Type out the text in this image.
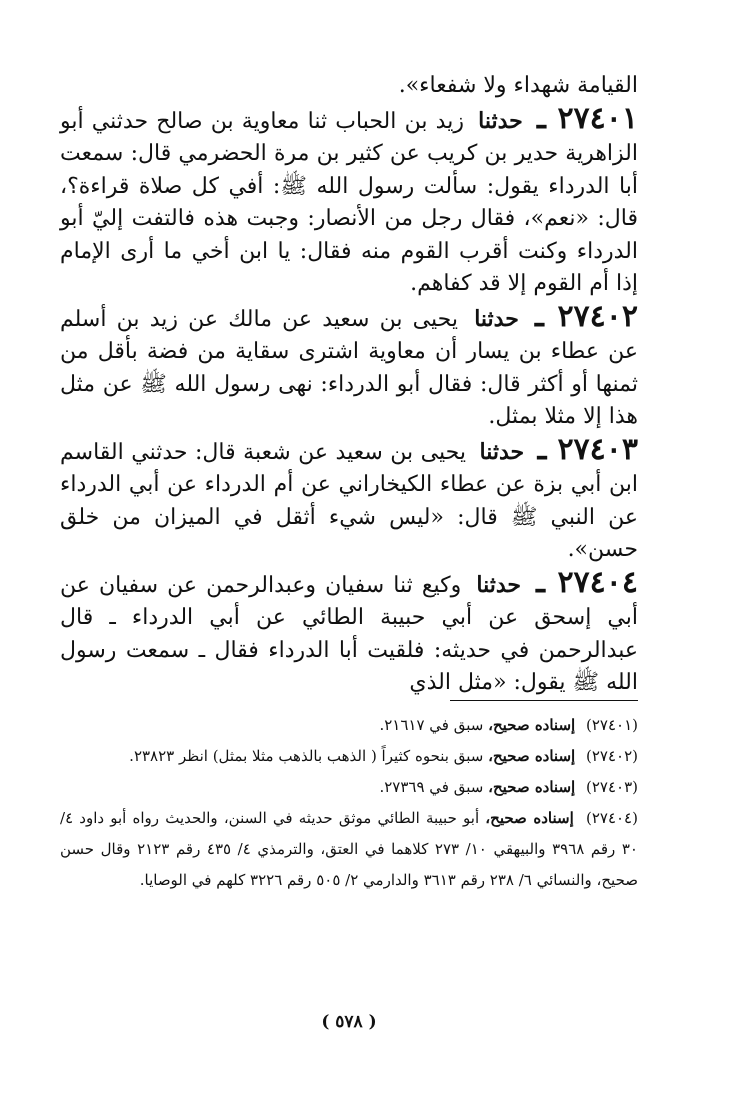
القيامة شهداء ولا شفعاء».

٢٧٤٠١ ـ حدثنا زيد بن الحباب ثنا معاوية بن صالح حدثني أبو الزاهرية حدير بن كريب عن كثير بن مرة الحضرمي قال: سمعت أبا الدرداء يقول: سألت رسول الله ﷺ: أفي كل صلاة قراءة؟، قال: «نعم»، فقال رجل من الأنصار: وجبت هذه فالتفت إليّ أبو الدرداء وكنت أقرب القوم منه فقال: يا ابن أخي ما أرى الإمام إذا أم القوم إلا قد كفاهم.

٢٧٤٠٢ ـ حدثنا يحيى بن سعيد عن مالك عن زيد بن أسلم عن عطاء بن يسار أن معاوية اشترى سقاية من فضة بأقل من ثمنها أو أكثر قال: فقال أبو الدرداء: نهى رسول الله ﷺ عن مثل هذا إلا مثلا بمثل.

٢٧٤٠٣ ـ حدثنا يحيى بن سعيد عن شعبة قال: حدثني القاسم ابن أبي بزة عن عطاء الكيخاراني عن أم الدرداء عن أبي الدرداء عن النبي ﷺ قال: «ليس شيء أثقل في الميزان من خلق حسن».

٢٧٤٠٤ ـ حدثنا وكيع ثنا سفيان وعبدالرحمن عن سفيان عن أبي إسحق عن أبي حبيبة الطائي عن أبي الدرداء ـ قال عبدالرحمن في حديثه: فلقيت أبا الدرداء فقال ـ سمعت رسول الله ﷺ يقول: «مثل الذي

(٢٧٤٠١) إسناده صحيح، سبق في ٢١٦١٧.

(٢٧٤٠٢) إسناده صحيح، سبق بنحوه كثيراً ( الذهب بالذهب مثلا بمثل) انظر ٢٣٨٢٣.

(٢٧٤٠٣) إسناده صحيح، سبق في ٢٧٣٦٩.

(٢٧٤٠٤) إسناده صحيح، أبو حبيبة الطائي موثق حديثه في السنن، والحديث رواه أبو داود ٤/ ٣٠ رقم ٣٩٦٨ والبيهقي ١٠/ ٢٧٣ كلاهما في العتق، والترمذي ٤/ ٤٣٥ رقم ٢١٢٣ وقال حسن صحيح، والنسائي ٦/ ٢٣٨ رقم ٣٦١٣ والدارمي ٢/ ٥٠٥ رقم ٣٢٢٦ كلهم في الوصايا.

( ٥٧٨ )
